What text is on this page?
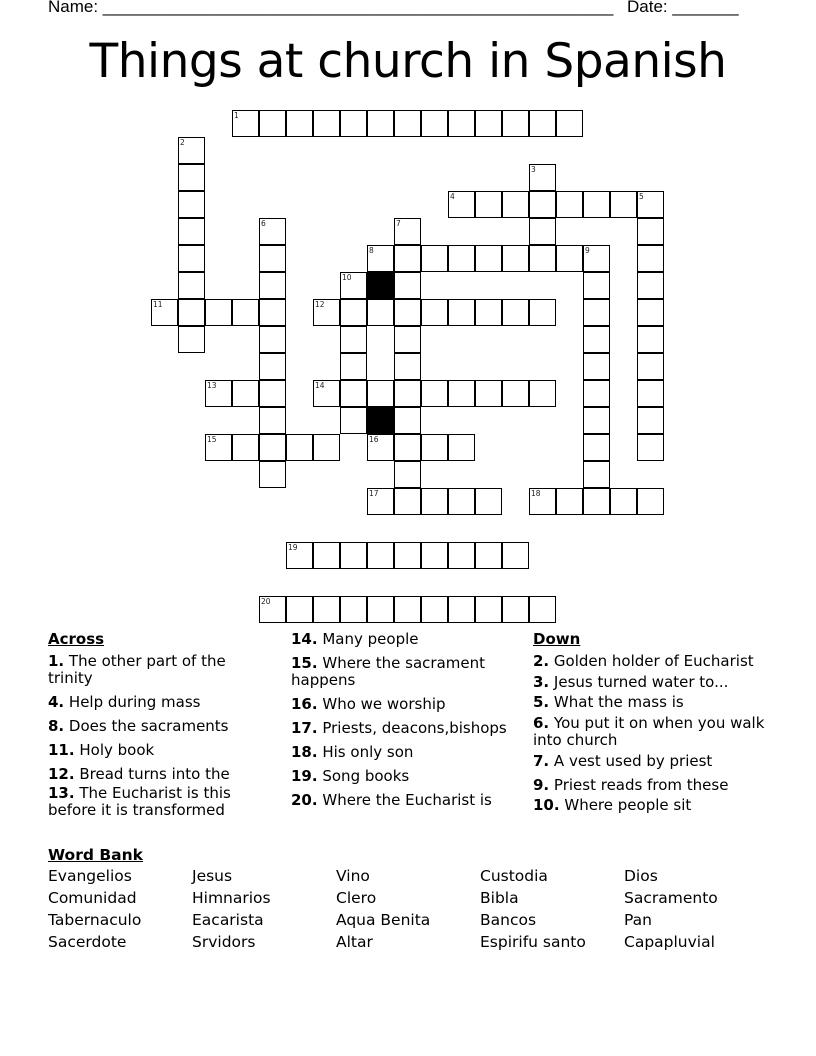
Name: ______________________________________________________ Date: _______
Things at church in Spanish
1
4	5
8	9
11	12
13	14
15	16
17	18
19
20
2
3
6	7
10
Across
1. The other part of the trinity
4. Help during mass
8. Does the sacraments
11. Holy book
12. Bread turns into the
13. The Eucharist is this before it is transformed
14. Many people
15. Where the sacrament happens
16. Who we worship
17. Priests, deacons,bishops
18. His only son
19. Song books
20. Where the Eucharist is
Down
2. Golden holder of Eucharist
3. Jesus turned water to...
5. What the mass is
6. You put it on when you walk into church
7. A vest used by priest
9. Priest reads from these
10. Where people sit
Word Bank
Evangelios	Jesus	Vino	Custodia	Dios
Comunidad	Himnarios	Clero	Bibla	Sacramento
Tabernaculo	Eacarista	Aqua Benita	Bancos	Pan
Sacerdote	Srvidors	Altar	Espirifu santo	Capapluvial
